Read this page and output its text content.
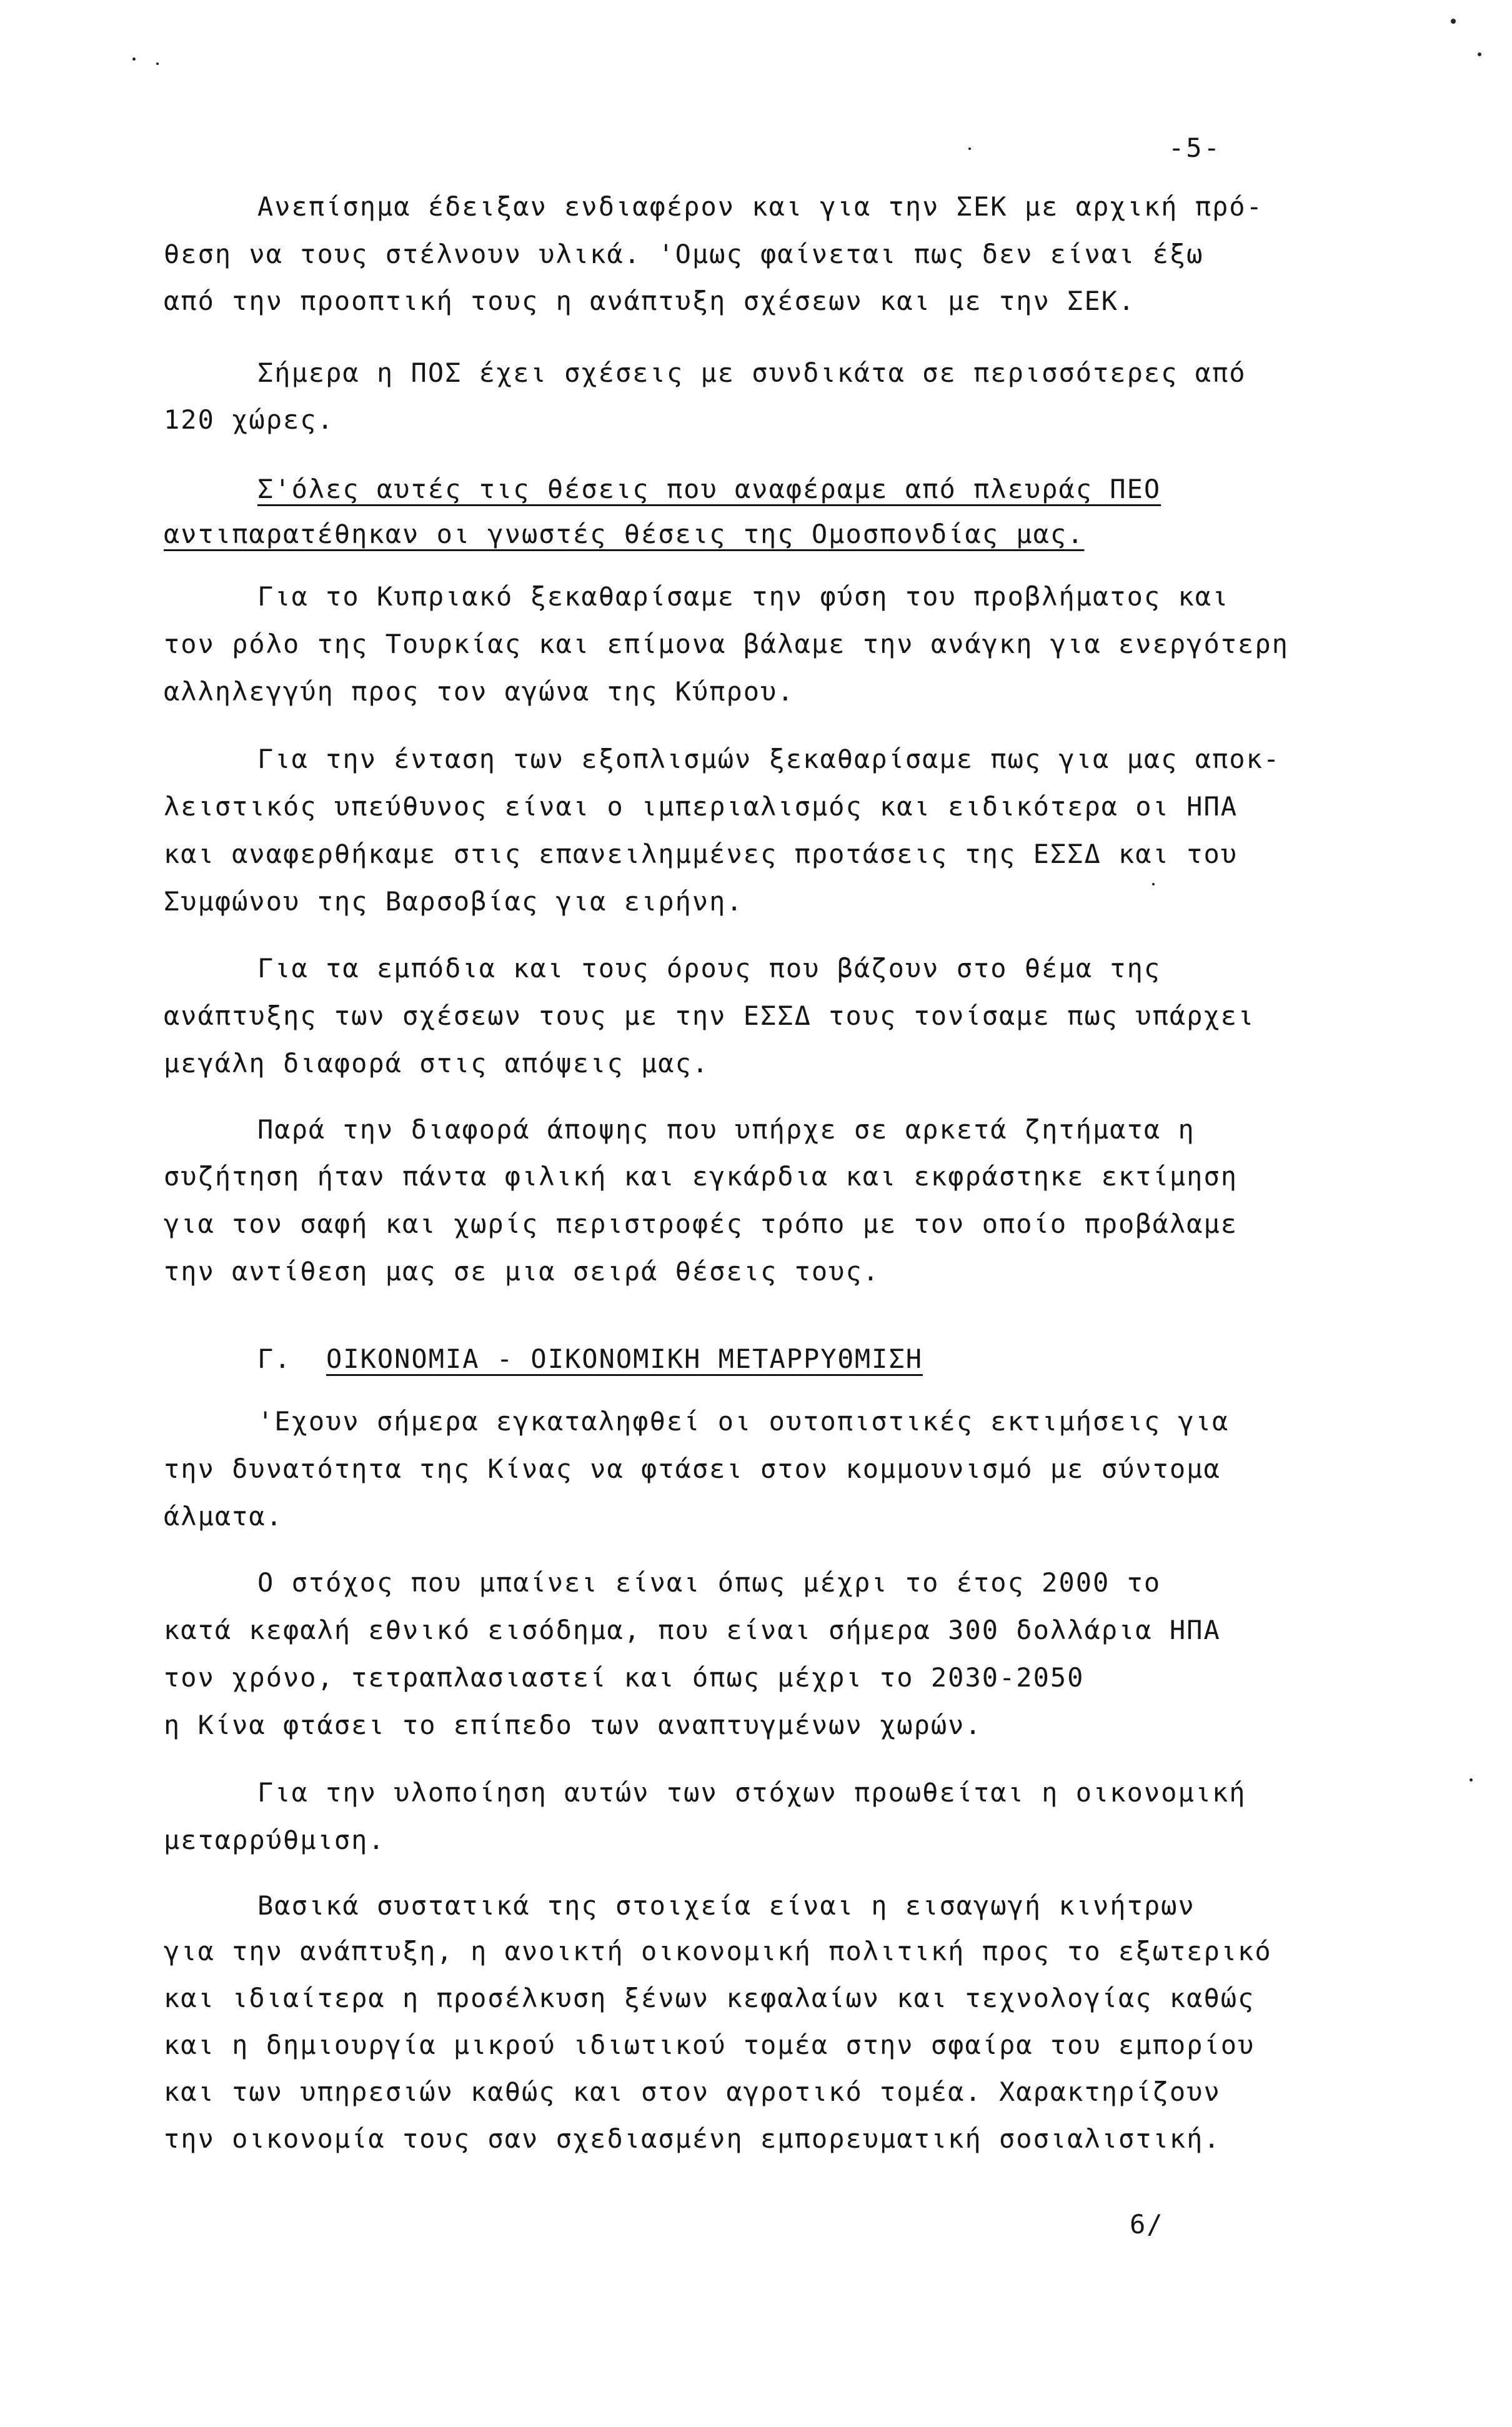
-5-
Ανεπίσημα έδειξαν ενδιαφέρον και για την ΣΕΚ με αρχική πρό-
θεση να τους στέλνουν υλικά. 'Ομως φαίνεται πως δεν είναι έξω
από την προοπτική τους η ανάπτυξη σχέσεων και με την ΣΕΚ.
Σήμερα η ΠΟΣ έχει σχέσεις με συνδικάτα σε περισσότερες από
120 χώρες.
Σ'όλες αυτές τις θέσεις που αναφέραμε από πλευράς ΠΕΟ
αντιπαρατέθηκαν οι γνωστές θέσεις της Ομοσπονδίας μας.
Για το Κυπριακό ξεκαθαρίσαμε την φύση του προβλήματος και
τον ρόλο της Τουρκίας και επίμονα βάλαμε την ανάγκη για ενεργότερη
αλληλεγγύη προς τον αγώνα της Κύπρου.
Για την ένταση των εξοπλισμών ξεκαθαρίσαμε πως για μας αποκ-
λειστικός υπεύθυνος είναι ο ιμπεριαλισμός και ειδικότερα οι ΗΠΑ
και αναφερθήκαμε στις επανειλημμένες προτάσεις της ΕΣΣΔ και του
Συμφώνου της Βαρσοβίας για ειρήνη.
Για τα εμπόδια και τους όρους που βάζουν στο θέμα της
ανάπτυξης των σχέσεων τους με την ΕΣΣΔ τους τονίσαμε πως υπάρχει
μεγάλη διαφορά στις απόψεις μας.
Παρά την διαφορά άποψης που υπήρχε σε αρκετά ζητήματα η
συζήτηση ήταν πάντα φιλική και εγκάρδια και εκφράστηκε εκτίμηση
για τον σαφή και χωρίς περιστροφές τρόπο με τον οποίο προβάλαμε
την αντίθεση μας σε μια σειρά θέσεις τους.
Γ. ΟΙΚΟΝΟΜΙΑ - ΟΙΚΟΝΟΜΙΚΗ ΜΕΤΑΡΡΥΘΜΙΣΗ
'Εχουν σήμερα εγκαταληφθεί οι ουτοπιστικές εκτιμήσεις για
την δυνατότητα της Κίνας να φτάσει στον κομμουνισμό με σύντομα
άλματα.
Ο στόχος που μπαίνει είναι όπως μέχρι το έτος 2000 το
κατά κεφαλή εθνικό εισόδημα, που είναι σήμερα 300 δολλάρια ΗΠΑ
τον χρόνο, τετραπλασιαστεί και όπως μέχρι το 2030-2050
η Κίνα φτάσει το επίπεδο των αναπτυγμένων χωρών.
Για την υλοποίηση αυτών των στόχων προωθείται η οικονομική
μεταρρύθμιση.
Βασικά συστατικά της στοιχεία είναι η εισαγωγή κινήτρων
για την ανάπτυξη, η ανοικτή οικονομική πολιτική προς το εξωτερικό
και ιδιαίτερα η προσέλκυση ξένων κεφαλαίων και τεχνολογίας καθώς
και η δημιουργία μικρού ιδιωτικού τομέα στην σφαίρα του εμπορίου
και των υπηρεσιών καθώς και στον αγροτικό τομέα. Χαρακτηρίζουν
την οικονομία τους σαν σχεδιασμένη εμπορευματική σοσιαλιστική.
6/
